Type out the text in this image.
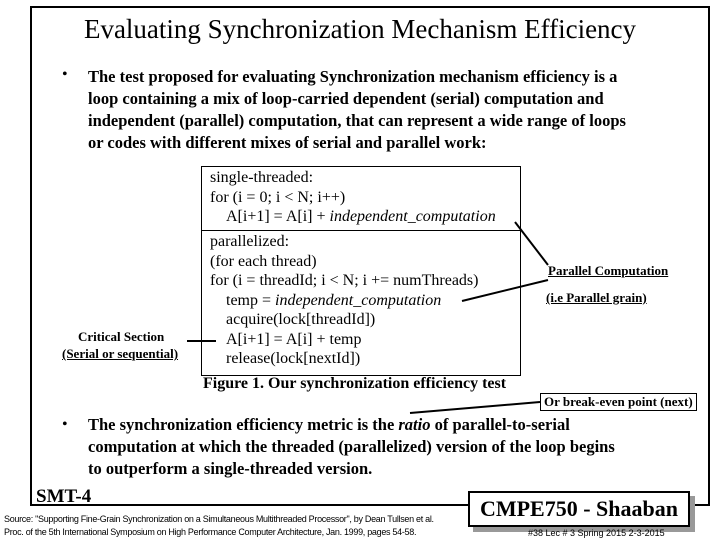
Evaluating Synchronization Mechanism Efficiency
• The test proposed for evaluating Synchronization mechanism efficiency is a
loop containing a mix of loop-carried dependent (serial) computation and
independent (parallel) computation, that can represent a wide range of loops
or codes with different mixes of serial and parallel work:
single-threaded:
for (i = 0; i < N; i++)
A[i+1] = A[i] + independent_computation
parallelized:
(for each thread)
for (i = threadId; i < N; i += numThreads)
temp = independent_computation
acquire(lock[threadId])
A[i+1] = A[i] + temp
release(lock[nextId])
Figure 1. Our synchronization efficiency test
Parallel Computation
(i.e Parallel grain)
Critical Section
(Serial or sequential)
Or break-even point (next)
• The synchronization efficiency metric is the ratio of parallel-to-serial
computation at which the threaded (parallelized) version of the loop begins
to outperform a single-threaded version.
SMT-4
Source: "Supporting Fine-Grain Synchronization on a Simultaneous Multithreaded Processor", by Dean Tullsen et al.
Proc. of the 5th International Symposium on High Performance Computer Architecture, Jan. 1999, pages 54-58.
CMPE750 - Shaaban
#38 Lec # 3 Spring 2015 2-3-2015
